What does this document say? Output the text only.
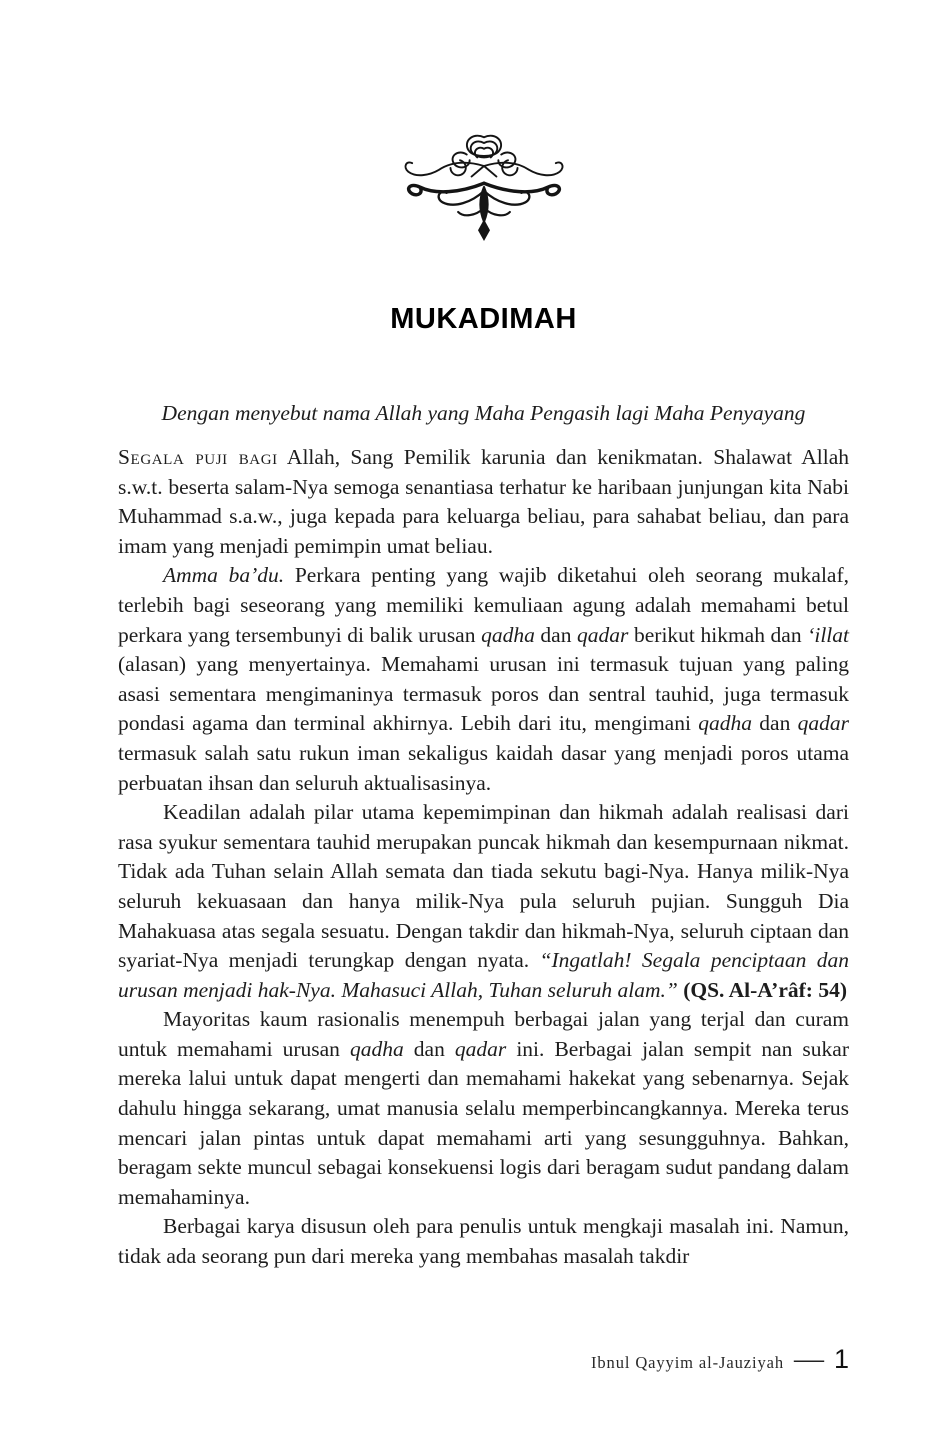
MUKADIMAH

Dengan menyebut nama Allah yang Maha Pengasih lagi Maha Penyayang

Segala puji bagi Allah, Sang Pemilik karunia dan kenikmatan. Shalawat Allah s.w.t. beserta salam-Nya semoga senantiasa terhatur ke haribaan junjungan kita Nabi Muhammad s.a.w., juga kepada para keluarga beliau, para sahabat beliau, dan para imam yang menjadi pemimpin umat beliau.

Amma ba’du. Perkara penting yang wajib diketahui oleh seorang mukalaf, terlebih bagi seseorang yang memiliki kemuliaan agung adalah memahami betul perkara yang tersembunyi di balik urusan qadha dan qadar berikut hikmah dan ‘illat (alasan) yang menyertainya. Memahami urusan ini termasuk tujuan yang paling asasi sementara mengimaninya termasuk poros dan sentral tauhid, juga termasuk pondasi agama dan terminal akhirnya. Lebih dari itu, mengimani qadha dan qadar termasuk salah satu rukun iman sekaligus kaidah dasar yang menjadi poros utama perbuatan ihsan dan seluruh aktualisasinya.

Keadilan adalah pilar utama kepemimpinan dan hikmah adalah realisasi dari rasa syukur sementara tauhid merupakan puncak hikmah dan kesempurnaan nikmat. Tidak ada Tuhan selain Allah semata dan tiada sekutu bagi-Nya. Hanya milik-Nya seluruh kekuasaan dan hanya milik-Nya pula seluruh pujian. Sungguh Dia Mahakuasa atas segala sesuatu. Dengan takdir dan hikmah-Nya, seluruh ciptaan dan syariat-Nya menjadi terungkap dengan nyata. “Ingatlah! Segala penciptaan dan urusan menjadi hak-Nya. Mahasuci Allah, Tuhan seluruh alam.” (QS. Al-A’râf: 54)

Mayoritas kaum rasionalis menempuh berbagai jalan yang terjal dan curam untuk memahami urusan qadha dan qadar ini. Berbagai jalan sempit nan sukar mereka lalui untuk dapat mengerti dan memahami hakekat yang sebenarnya. Sejak dahulu hingga sekarang, umat manusia selalu memperbincangkannya. Mereka terus mencari jalan pintas untuk dapat memahami arti yang sesungguhnya. Bahkan, beragam sekte muncul sebagai konsekuensi logis dari beragam sudut pandang dalam memahaminya.

Berbagai karya disusun oleh para penulis untuk mengkaji masalah ini. Namun, tidak ada seorang pun dari mereka yang membahas masalah takdir

Ibnul Qayyim al-Jauziyah — 1
